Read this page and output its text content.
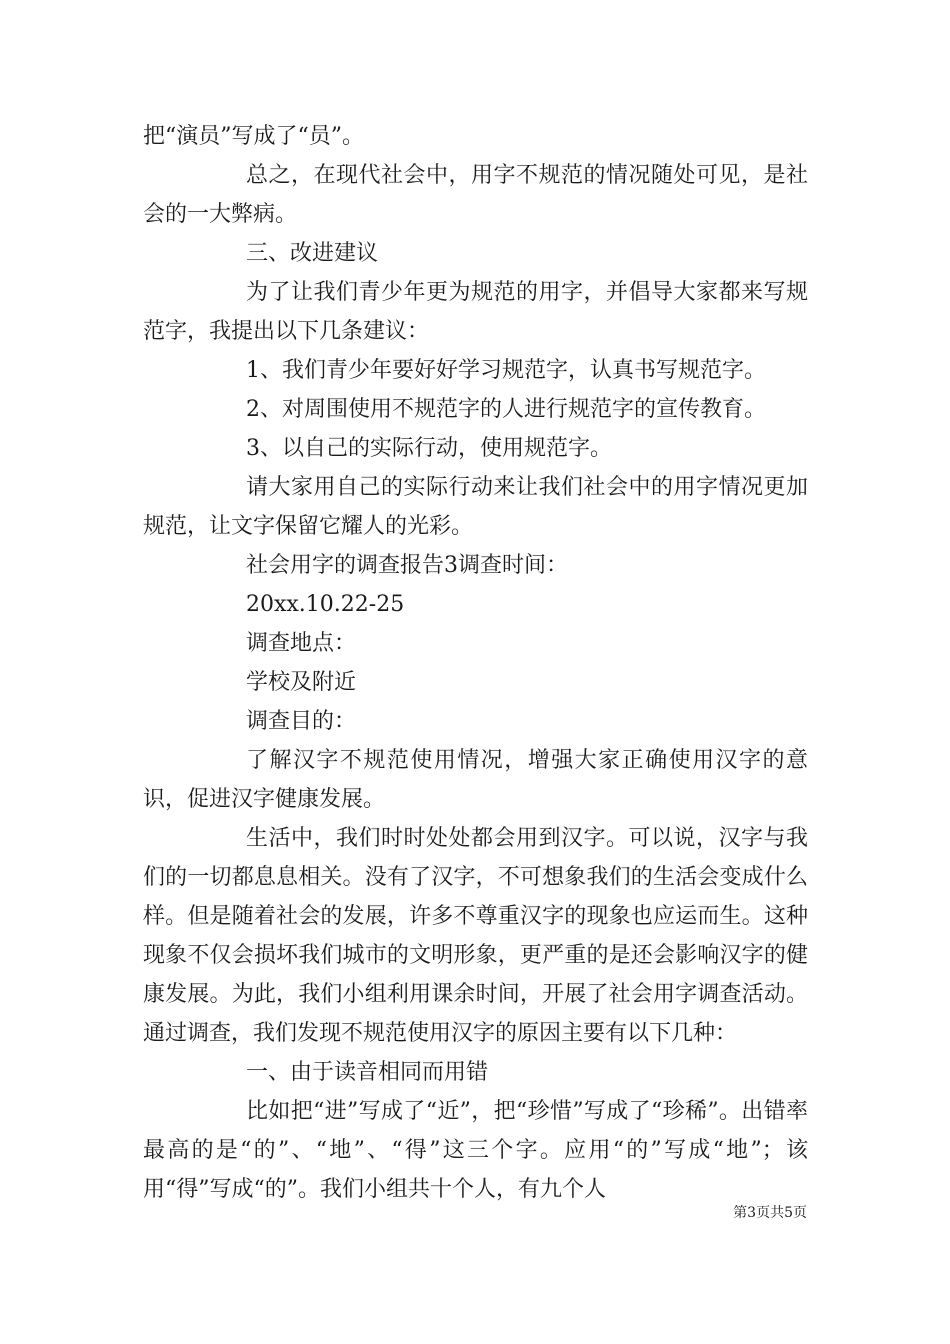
把“演员”写成了“员”。

总之，在现代社会中，用字不规范的情况随处可见，是社会的一大弊病。

三、改进建议

为了让我们青少年更为规范的用字，并倡导大家都来写规范字，我提出以下几条建议：

1、我们青少年要好好学习规范字，认真书写规范字。

2、对周围使用不规范字的人进行规范字的宣传教育。

3、以自己的实际行动，使用规范字。

请大家用自己的实际行动来让我们社会中的用字情况更加规范，让文字保留它耀人的光彩。

社会用字的调查报告3调查时间：

20xx.10.22-25

调查地点：

学校及附近

调查目的：

了解汉字不规范使用情况，增强大家正确使用汉字的意识，促进汉字健康发展。

生活中，我们时时处处都会用到汉字。可以说，汉字与我们的一切都息息相关。没有了汉字，不可想象我们的生活会变成什么样。但是随着社会的发展，许多不尊重汉字的现象也应运而生。这种现象不仅会损坏我们城市的文明形象，更严重的是还会影响汉字的健康发展。为此，我们小组利用课余时间，开展了社会用字调查活动。通过调查，我们发现不规范使用汉字的原因主要有以下几种：

一、由于读音相同而用错

比如把“进”写成了“近”，把“珍惜”写成了“珍稀”。出错率最高的是“的”、“地”、“得”这三个字。应用“的”写成“地”；该用“得”写成“的”。我们小组共十个人，有九个人

第3页共5页
